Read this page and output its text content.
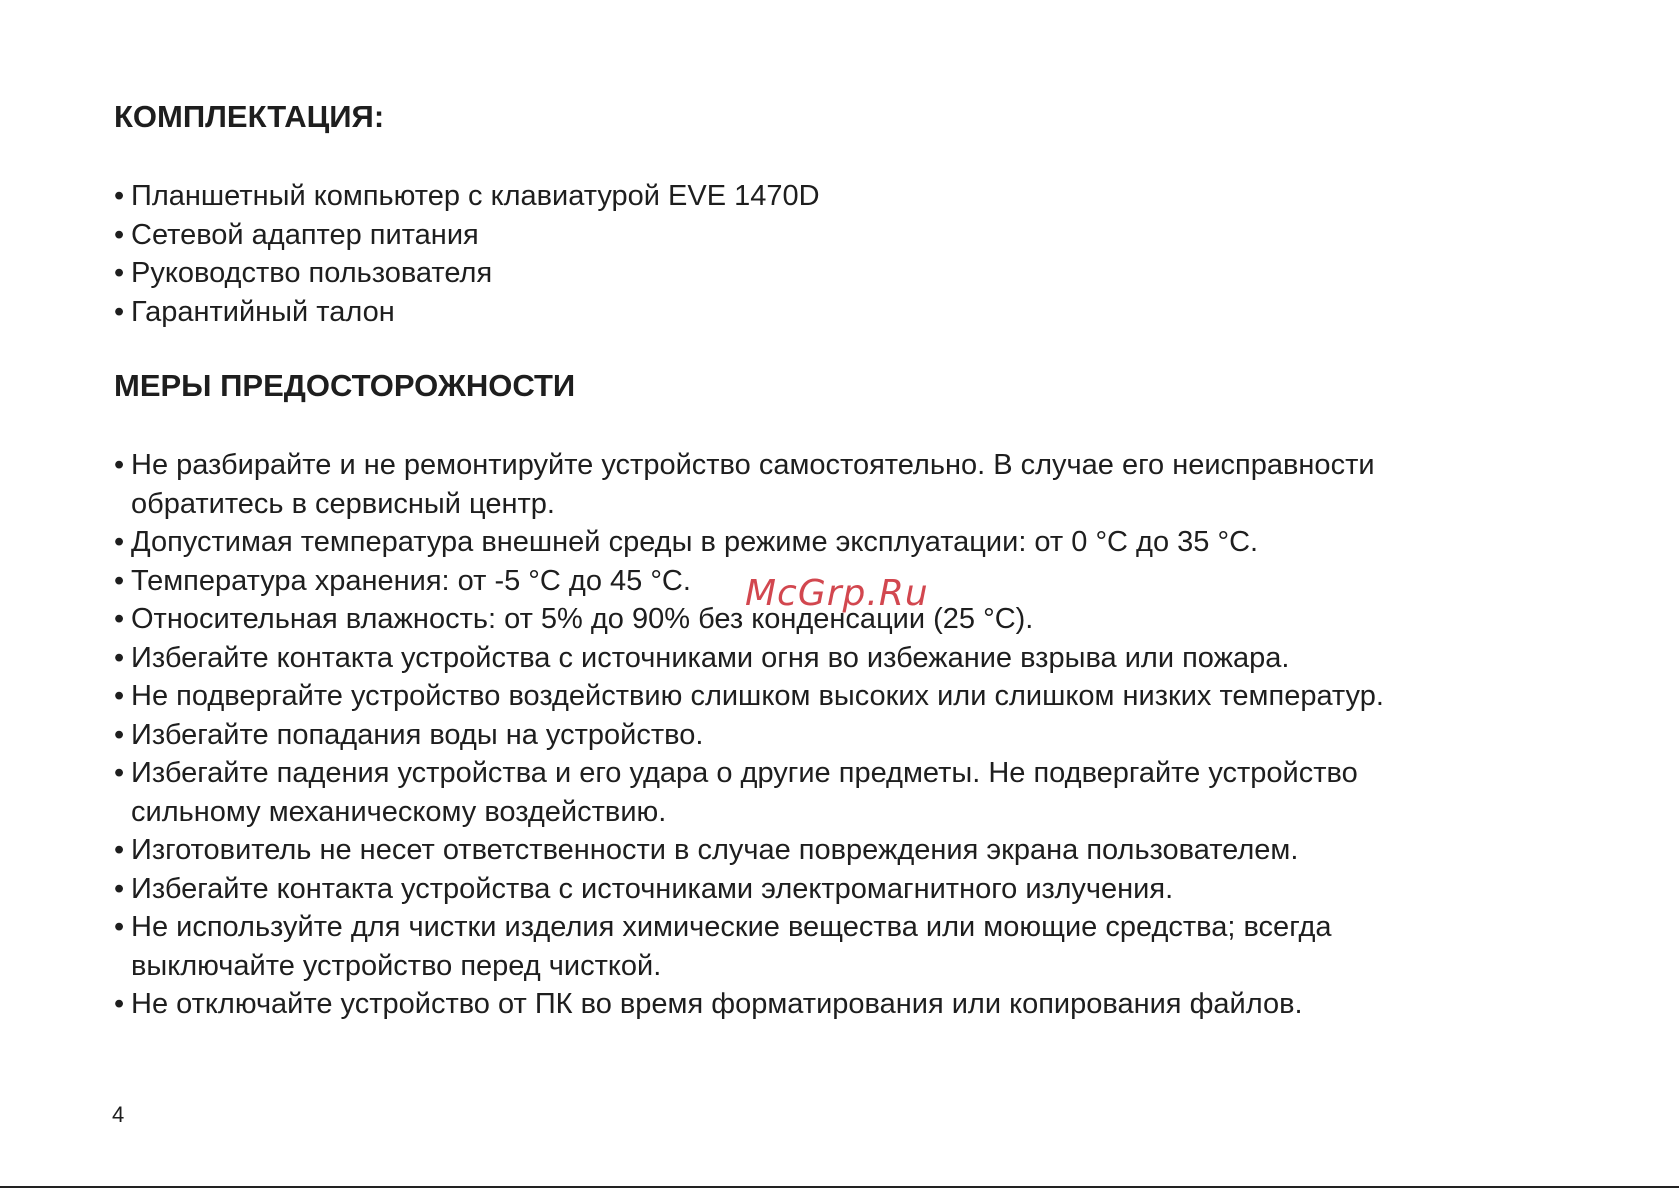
КОМПЛЕКТАЦИЯ:
• Планшетный компьютер с клавиатурой EVE 1470D
• Сетевой адаптер питания
• Руководство пользователя
• Гарантийный талон
МЕРЫ ПРЕДОСТОРОЖНОСТИ
• Не разбирайте и не ремонтируйте устройство самостоятельно. В случае его неисправности
обратитесь в сервисный центр.
• Допустимая температура внешней среды в режиме эксплуатации: от 0 °C до 35 °C.
• Температура хранения: от -5 °C до 45 °C.
• Относительная влажность: от 5% до 90% без конденсации (25 °C).
• Избегайте контакта устройства с источниками огня во избежание взрыва или пожара.
• Не подвергайте устройство воздействию слишком высоких или слишком низких температур.
• Избегайте попадания воды на устройство.
• Избегайте падения устройства и его удара о другие предметы. Не подвергайте устройство
сильному механическому воздействию.
• Изготовитель не несет ответственности в случае повреждения экрана пользователем.
• Избегайте контакта устройства с источниками электромагнитного излучения.
• Не используйте для чистки изделия химические вещества или моющие средства; всегда
выключайте устройство перед чисткой.
• Не отключайте устройство от ПК во время форматирования или копирования файлов.
McGrp.Ru
4
